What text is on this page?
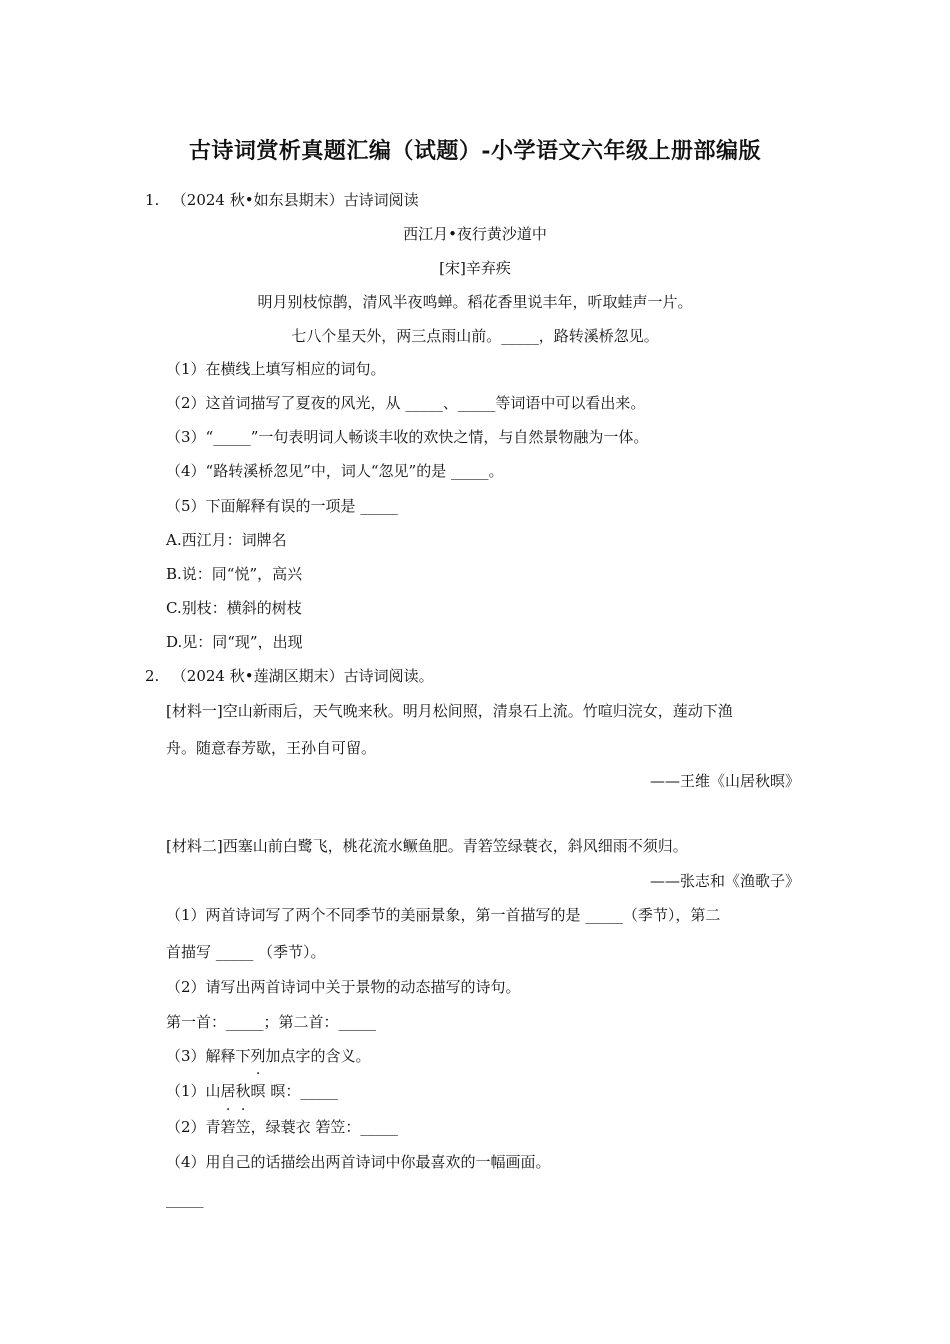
古诗词赏析真题汇编（试题）-小学语文六年级上册部编版
1. （2024 秋•如东县期末）古诗词阅读
西江月•夜行黄沙道中
[宋]辛弃疾
明月别枝惊鹊，清风半夜鸣蝉。稻花香里说丰年，听取蛙声一片。
七八个星天外，两三点雨山前。_____，路转溪桥忽见。
（1）在横线上填写相应的词句。
（2）这首词描写了夏夜的风光，从 _____、_____等词语中可以看出来。
（3）“_____”一句表明词人畅谈丰收的欢快之情，与自然景物融为一体。
（4）“路转溪桥忽见”中，词人“忽见”的是 _____。
（5）下面解释有误的一项是 _____
A.西江月：词牌名
B.说：同“悦”，高兴
C.别枝：横斜的树枝
D.见：同“现”，出现
2. （2024 秋•莲湖区期末）古诗词阅读。
[材料一]空山新雨后，天气晚来秋。明月松间照，清泉石上流。竹喧归浣女，莲动下渔
舟。随意春芳歇，王孙自可留。
——王维《山居秋暝》
[材料二]西塞山前白鹭飞，桃花流水鳜鱼肥。青箬笠绿蓑衣，斜风细雨不须归。
——张志和《渔歌子》
（1）两首诗词写了两个不同季节的美丽景象，第一首描写的是 _____（季节），第二
首描写 _____ （季节）。
（2）请写出两首诗词中关于景物的动态描写的诗句。
第一首：_____；第二首：_____
（3）解释下列加点字的含义。
（1）山居秋暝 暝：_____
（2）青箬笠，绿蓑衣 箬笠：_____
（4）用自己的话描绘出两首诗词中你最喜欢的一幅画面。
_____
